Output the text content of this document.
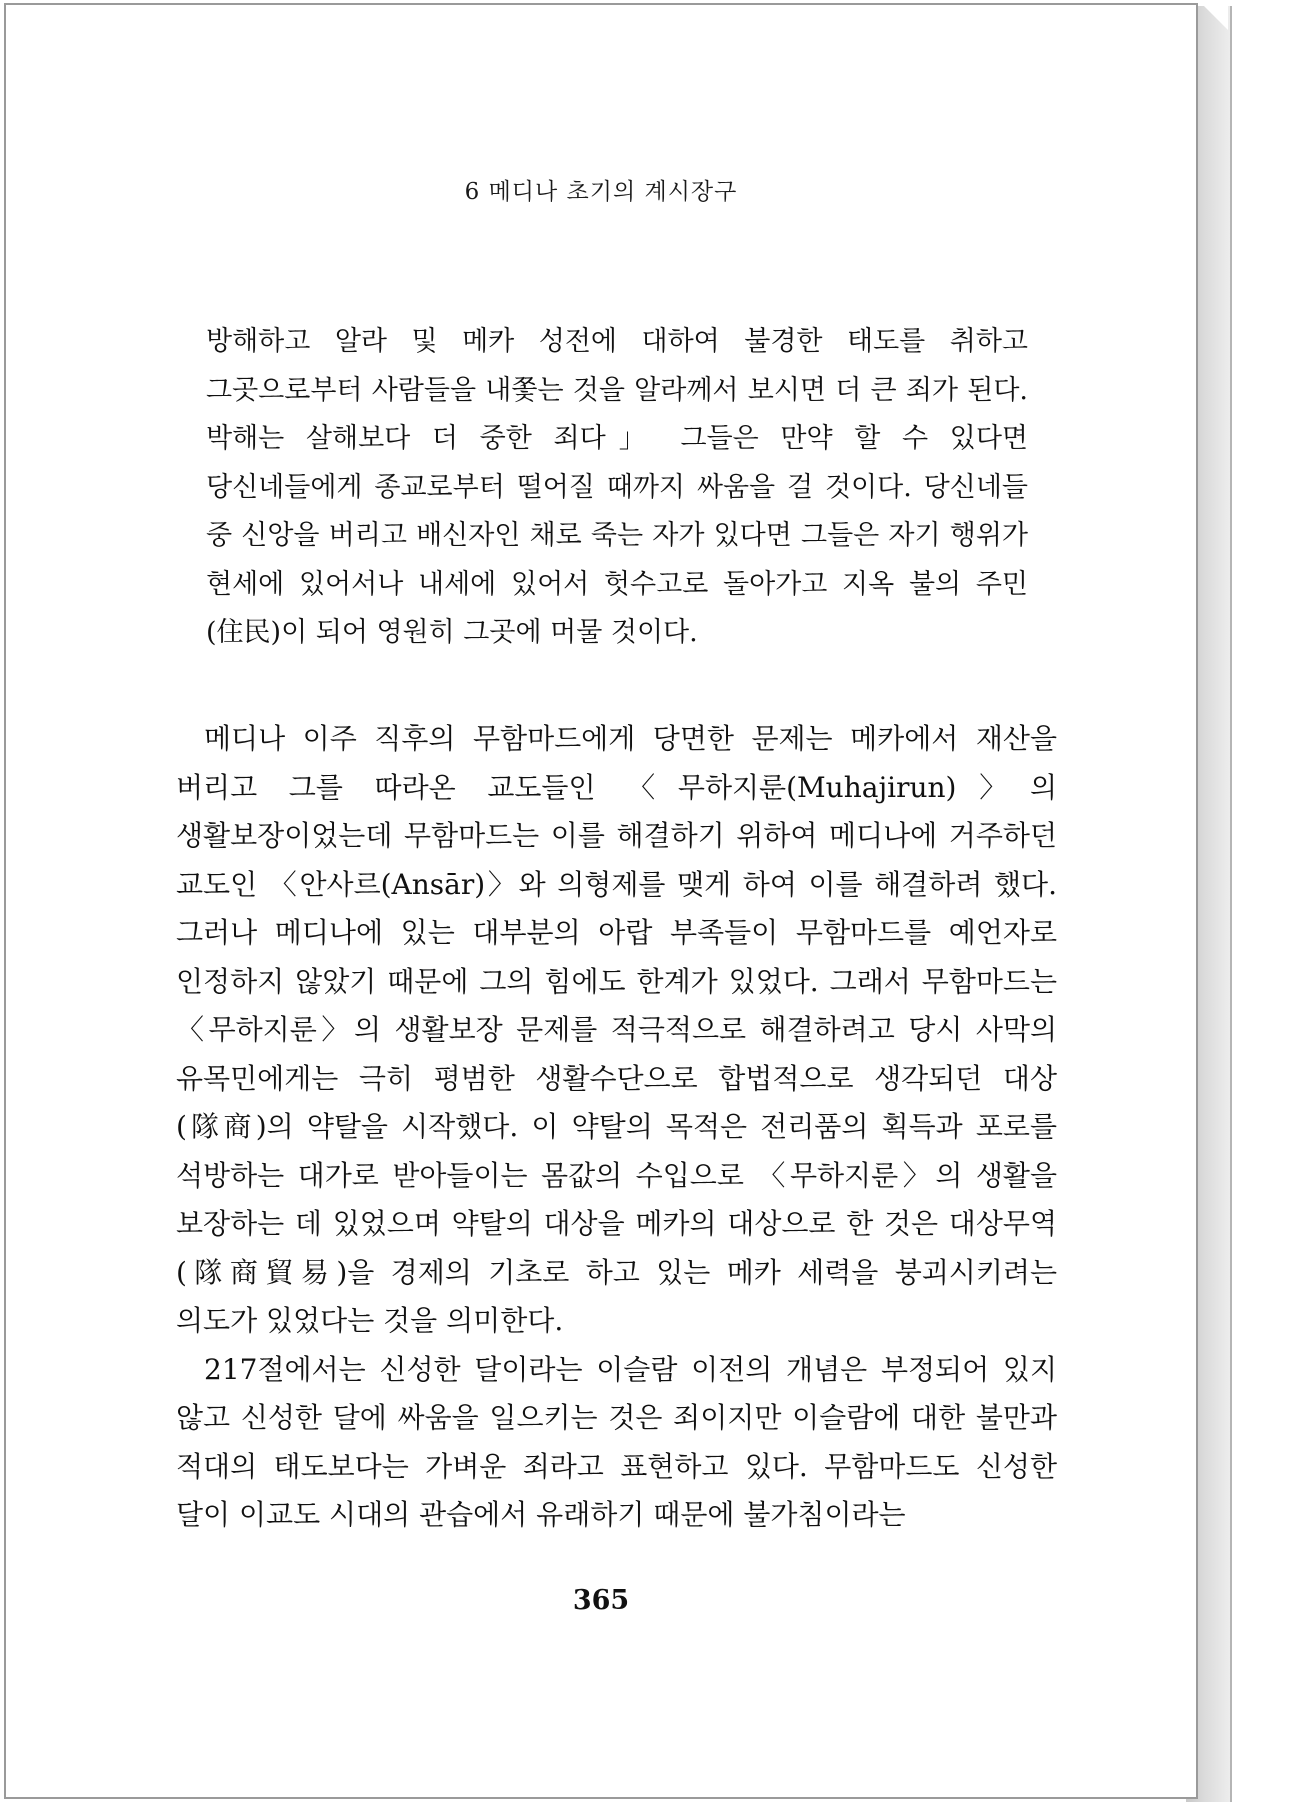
6 메디나 초기의 계시장구
방해하고 알라 및 메카 성전에 대하여 불경한 태도를 취하고 그곳으로부터 사람들을 내쫓는 것을 알라께서 보시면 더 큰 죄가 된다. 박해는 살해보다 더 중한 죄다」 그들은 만약 할 수 있다면 당신네들에게 종교로부터 떨어질 때까지 싸움을 걸 것이다. 당신네들 중 신앙을 버리고 배신자인 채로 죽는 자가 있다면 그들은 자기 행위가 현세에 있어서나 내세에 있어서 헛수고로 돌아가고 지옥 불의 주민(住民)이 되어 영원히 그곳에 머물 것이다.

메디나 이주 직후의 무함마드에게 당면한 문제는 메카에서 재산을 버리고 그를 따라온 교도들인 〈무하지룬(Muhajirun)〉의 생활보장이었는데 무함마드는 이를 해결하기 위하여 메디나에 거주하던 교도인 〈안사르(Ansār)〉와 의형제를 맺게 하여 이를 해결하려 했다. 그러나 메디나에 있는 대부분의 아랍 부족들이 무함마드를 예언자로 인정하지 않았기 때문에 그의 힘에도 한계가 있었다. 그래서 무함마드는 〈무하지룬〉의 생활보장 문제를 적극적으로 해결하려고 당시 사막의 유목민에게는 극히 평범한 생활수단으로 합법적으로 생각되던 대상(隊商)의 약탈을 시작했다. 이 약탈의 목적은 전리품의 획득과 포로를 석방하는 대가로 받아들이는 몸값의 수입으로 〈무하지룬〉의 생활을 보장하는 데 있었으며 약탈의 대상을 메카의 대상으로 한 것은 대상무역(隊商貿易)을 경제의 기초로 하고 있는 메카 세력을 붕괴시키려는 의도가 있었다는 것을 의미한다.

217절에서는 신성한 달이라는 이슬람 이전의 개념은 부정되어 있지 않고 신성한 달에 싸움을 일으키는 것은 죄이지만 이슬람에 대한 불만과 적대의 태도보다는 가벼운 죄라고 표현하고 있다. 무함마드도 신성한 달이 이교도 시대의 관습에서 유래하기 때문에 불가침이라는

365
